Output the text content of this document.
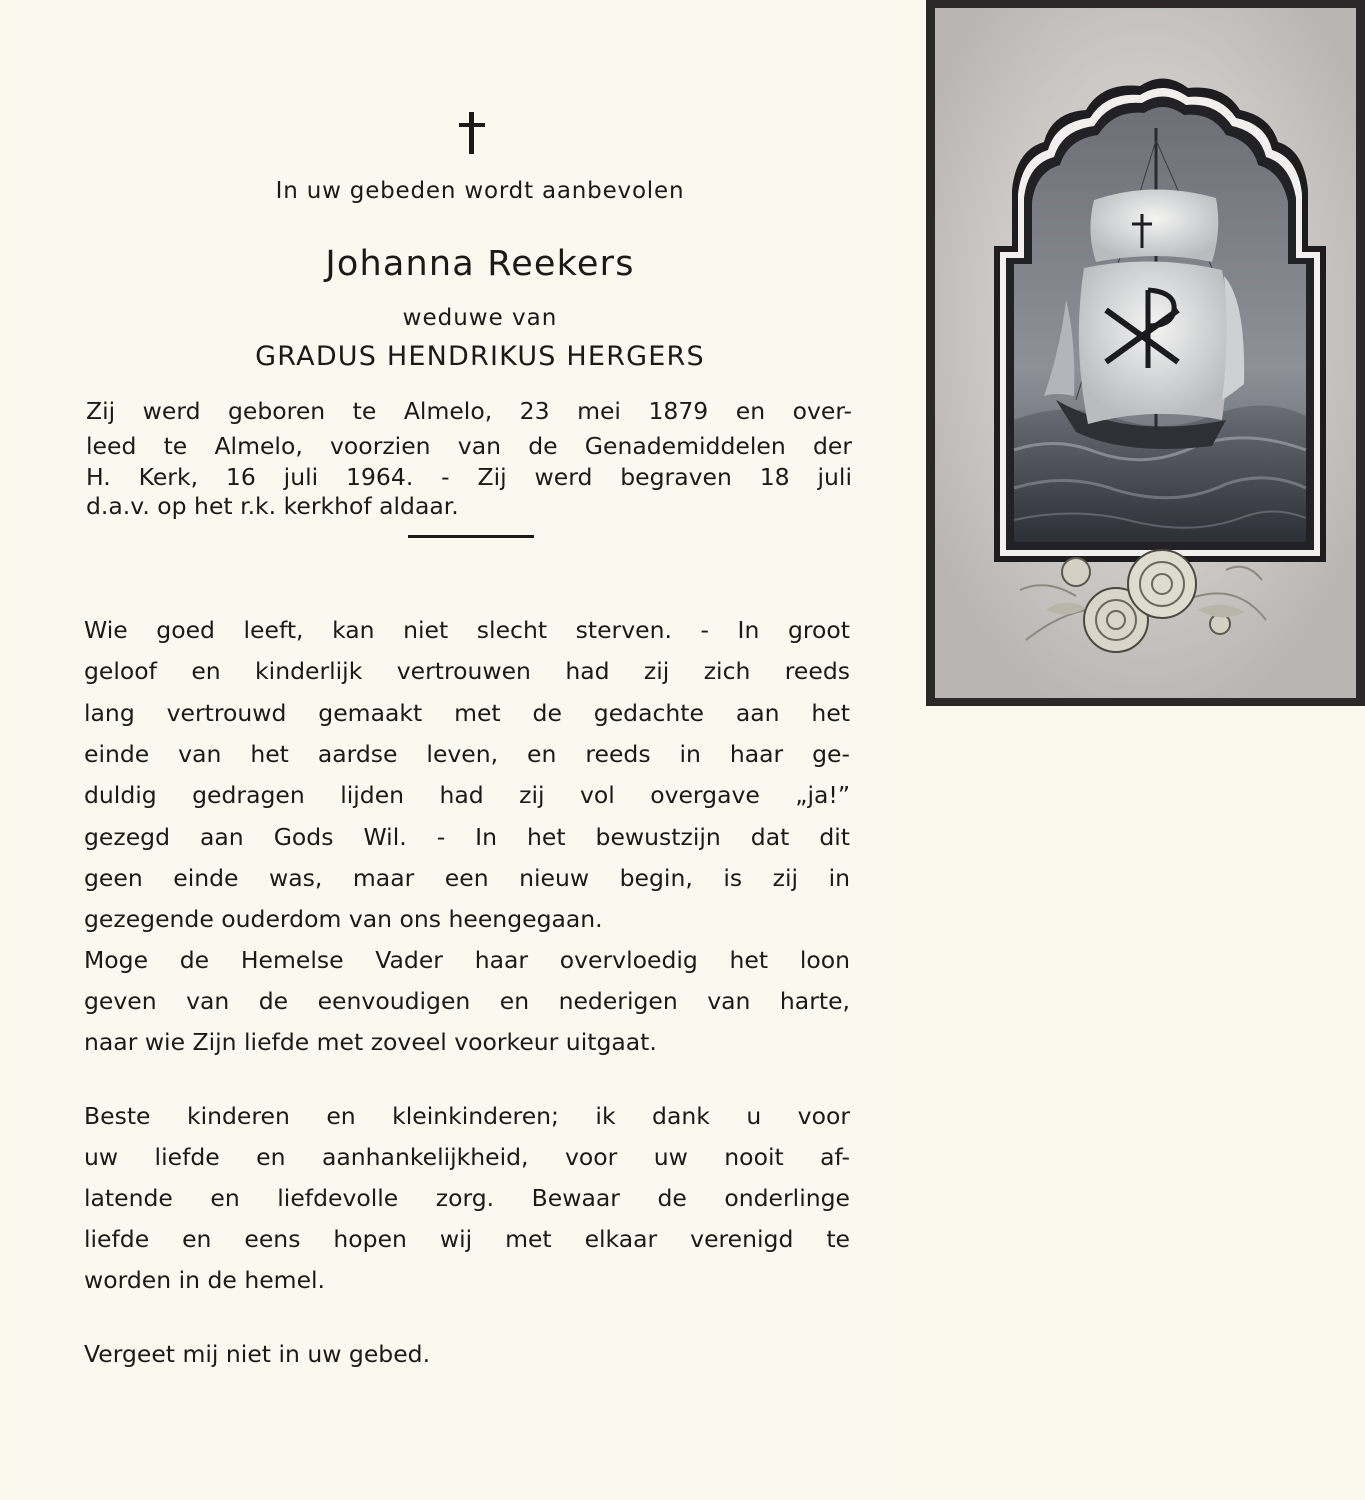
In uw gebeden wordt aanbevolen
Johanna Reekers
weduwe van
GRADUS HENDRIKUS HERGERS
Zij werd geboren te Almelo, 23 mei 1879 en over-
leed te Almelo, voorzien van de Genademiddelen der
H. Kerk, 16 juli 1964. - Zij werd begraven 18 juli
d.a.v. op het r.k. kerkhof aldaar.
Wie goed leeft, kan niet slecht sterven. - In groot
geloof en kinderlijk vertrouwen had zij zich reeds
lang vertrouwd gemaakt met de gedachte aan het
einde van het aardse leven, en reeds in haar ge-
duldig gedragen lijden had zij vol overgave „ja!”
gezegd aan Gods Wil. - In het bewustzijn dat dit
geen einde was, maar een nieuw begin, is zij in
gezegende ouderdom van ons heengegaan.
Moge de Hemelse Vader haar overvloedig het loon
geven van de eenvoudigen en nederigen van harte,
naar wie Zijn liefde met zoveel voorkeur uitgaat.
Beste kinderen en kleinkinderen; ik dank u voor
uw liefde en aanhankelijkheid, voor uw nooit af-
latende en liefdevolle zorg. Bewaar de onderlinge
liefde en eens hopen wij met elkaar verenigd te
worden in de hemel.
Vergeet mij niet in uw gebed.
